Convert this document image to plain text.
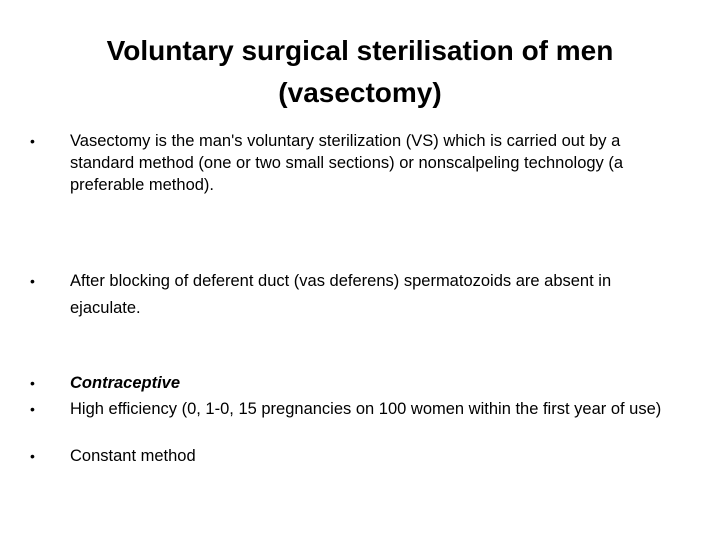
Voluntary surgical sterilisation of men
(vasectomy)
•	Vasectomy is the man's voluntary sterilization (VS) which is carried out by a standard method (one or two small sections) or nonscalpeling technology (a preferable method).
•	After blocking of deferent duct (vas deferens) spermatozoids are absent in ejaculate.
•	Contraceptive
•	High efficiency (0, 1-0, 15 pregnancies on 100 women within the first year of use)
•	Constant method
